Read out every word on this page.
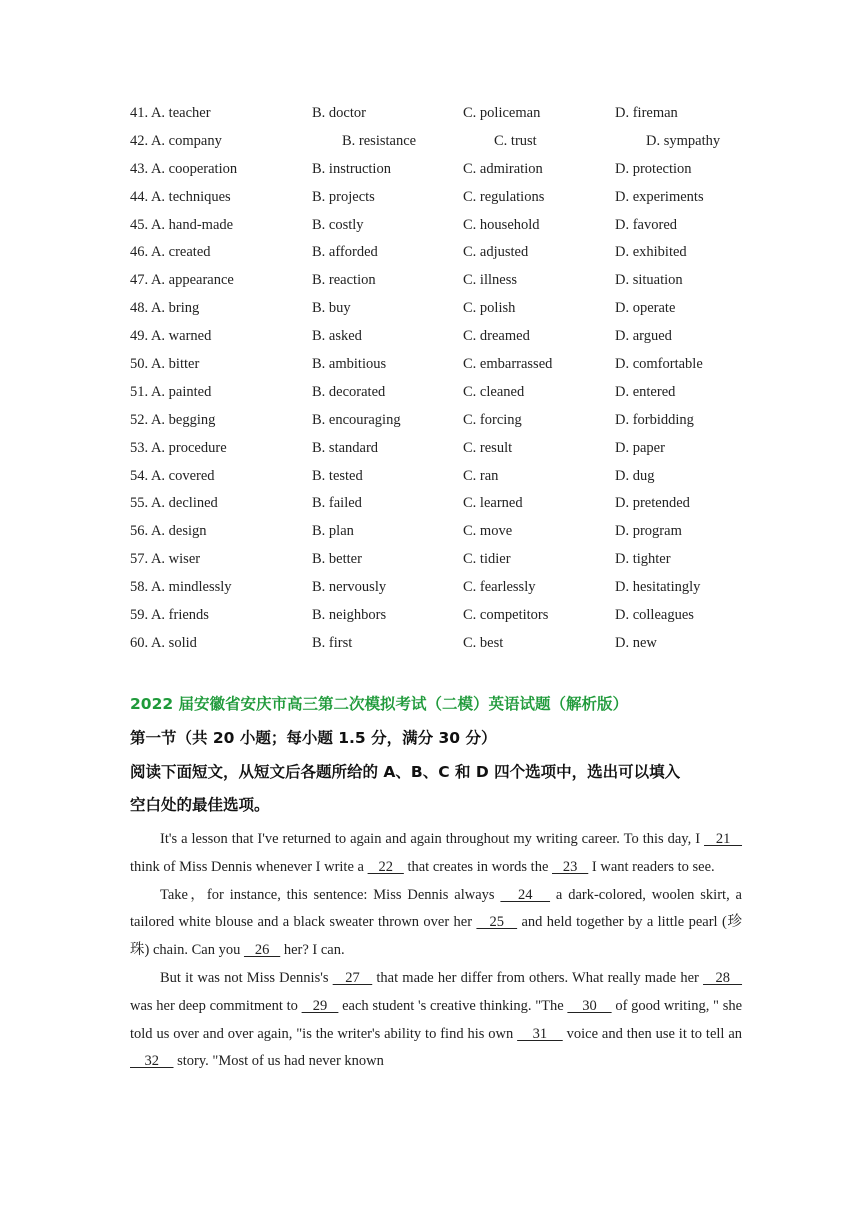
41. A. teacher	B. doctor	C. policeman	D. fireman
42. A. company	B. resistance	C. trust	D. sympathy
43. A. cooperation	B. instruction	C. admiration	D. protection
44. A. techniques	B. projects	C. regulations	D. experiments
45. A. hand-made	B. costly	C. household	D. favored
46. A. created	B. afforded	C. adjusted	D. exhibited
47. A. appearance	B. reaction	C. illness	D. situation
48. A. bring	B. buy	C. polish	D. operate
49. A. warned	B. asked	C. dreamed	D. argued
50. A. bitter	B. ambitious	C. embarrassed	D. comfortable
51. A. painted	B. decorated	C. cleaned	D. entered
52. A. begging	B. encouraging	C. forcing	D. forbidding
53. A. procedure	B. standard	C. result	D. paper
54. A. covered	B. tested	C. ran	D. dug
55. A. declined	B. failed	C. learned	D. pretended
56. A. design	B. plan	C. move	D. program
57. A. wiser	B. better	C. tidier	D. tighter
58. A. mindlessly	B. nervously	C. fearlessly	D. hesitatingly
59. A. friends	B. neighbors	C. competitors	D. colleagues
60. A. solid	B. first	C. best	D. new
2022 届安徽省安庆市高三第二次模拟考试（二模）英语试题（解析版）
第一节（共 20 小题；每小题 1.5 分，满分 30 分）
阅读下面短文，从短文后各题所给的 A、B、C 和 D 四个选项中，选出可以填入
空白处的最佳选项。

It's a lesson that I've returned to again and again throughout my writing career. To this day, I    21    think of Miss Dennis whenever I write a    22    that creates in words the    23    I want readers to see.

Take，for instance, this sentence: Miss Dennis always    24    a dark-colored, woolen skirt, a tailored white blouse and a black sweater thrown over her    25    and held together by a little pearl (珍珠) chain. Can you    26    her? I can.

But it was not Miss Dennis's    27    that made her differ from others. What really made her    28    was her deep commitment to    29    each student 's creative thinking. "The     30     of good writing, " she told us over and over again, "is the writer's ability to find his own     31     voice and then use it to tell an     32     story. "Most of us had never known
